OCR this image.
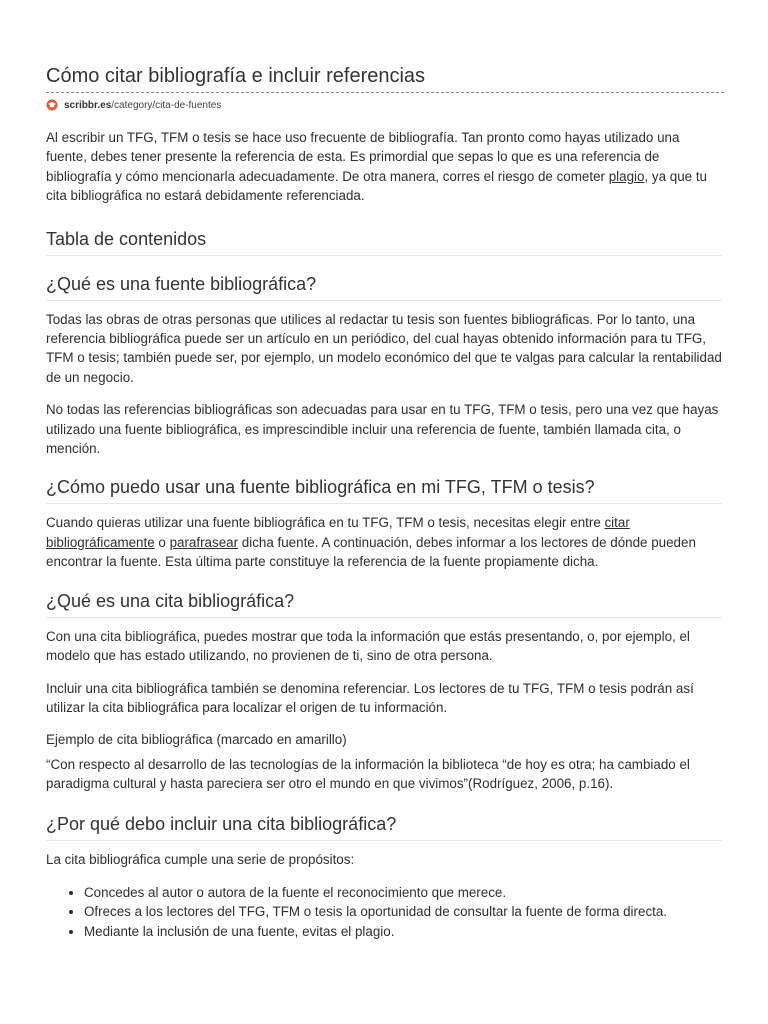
Cómo citar bibliografía e incluir referencias
scribbr.es/category/cita-de-fuentes

Al escribir un TFG, TFM o tesis se hace uso frecuente de bibliografía. Tan pronto como hayas utilizado una fuente, debes tener presente la referencia de esta. Es primordial que sepas lo que es una referencia de bibliografía y cómo mencionarla adecuadamente. De otra manera, corres el riesgo de cometer plagio, ya que tu cita bibliográfica no estará debidamente referenciada.

Tabla de contenidos
¿Qué es una fuente bibliográfica?

Todas las obras de otras personas que utilices al redactar tu tesis son fuentes bibliográficas. Por lo tanto, una referencia bibliográfica puede ser un artículo en un periódico, del cual hayas obtenido información para tu TFG, TFM o tesis; también puede ser, por ejemplo, un modelo económico del que te valgas para calcular la rentabilidad de un negocio.

No todas las referencias bibliográficas son adecuadas para usar en tu TFG, TFM o tesis, pero una vez que hayas utilizado una fuente bibliográfica, es imprescindible incluir una referencia de fuente, también llamada cita, o mención.

¿Cómo puedo usar una fuente bibliográfica en mi TFG, TFM o tesis?

Cuando quieras utilizar una fuente bibliográfica en tu TFG, TFM o tesis, necesitas elegir entre citar bibliográficamente o parafrasear dicha fuente. A continuación, debes informar a los lectores de dónde pueden encontrar la fuente. Esta última parte constituye la referencia de la fuente propiamente dicha.

¿Qué es una cita bibliográfica?

Con una cita bibliográfica, puedes mostrar que toda la información que estás presentando, o, por ejemplo, el modelo que has estado utilizando, no provienen de ti, sino de otra persona.

Incluir una cita bibliográfica también se denomina referenciar. Los lectores de tu TFG, TFM o tesis podrán así utilizar la cita bibliográfica para localizar el origen de tu información.

Ejemplo de cita bibliográfica (marcado en amarillo)

“Con respecto al desarrollo de las tecnologías de la información la biblioteca “de hoy es otra; ha cambiado el paradigma cultural y hasta pareciera ser otro el mundo en que vivimos”(Rodríguez, 2006, p.16).

¿Por qué debo incluir una cita bibliográfica?

La cita bibliográfica cumple una serie de propósitos:

• Concedes al autor o autora de la fuente el reconocimiento que merece.
• Ofreces a los lectores del TFG, TFM o tesis la oportunidad de consultar la fuente de forma directa.
• Mediante la inclusión de una fuente, evitas el plagio.
